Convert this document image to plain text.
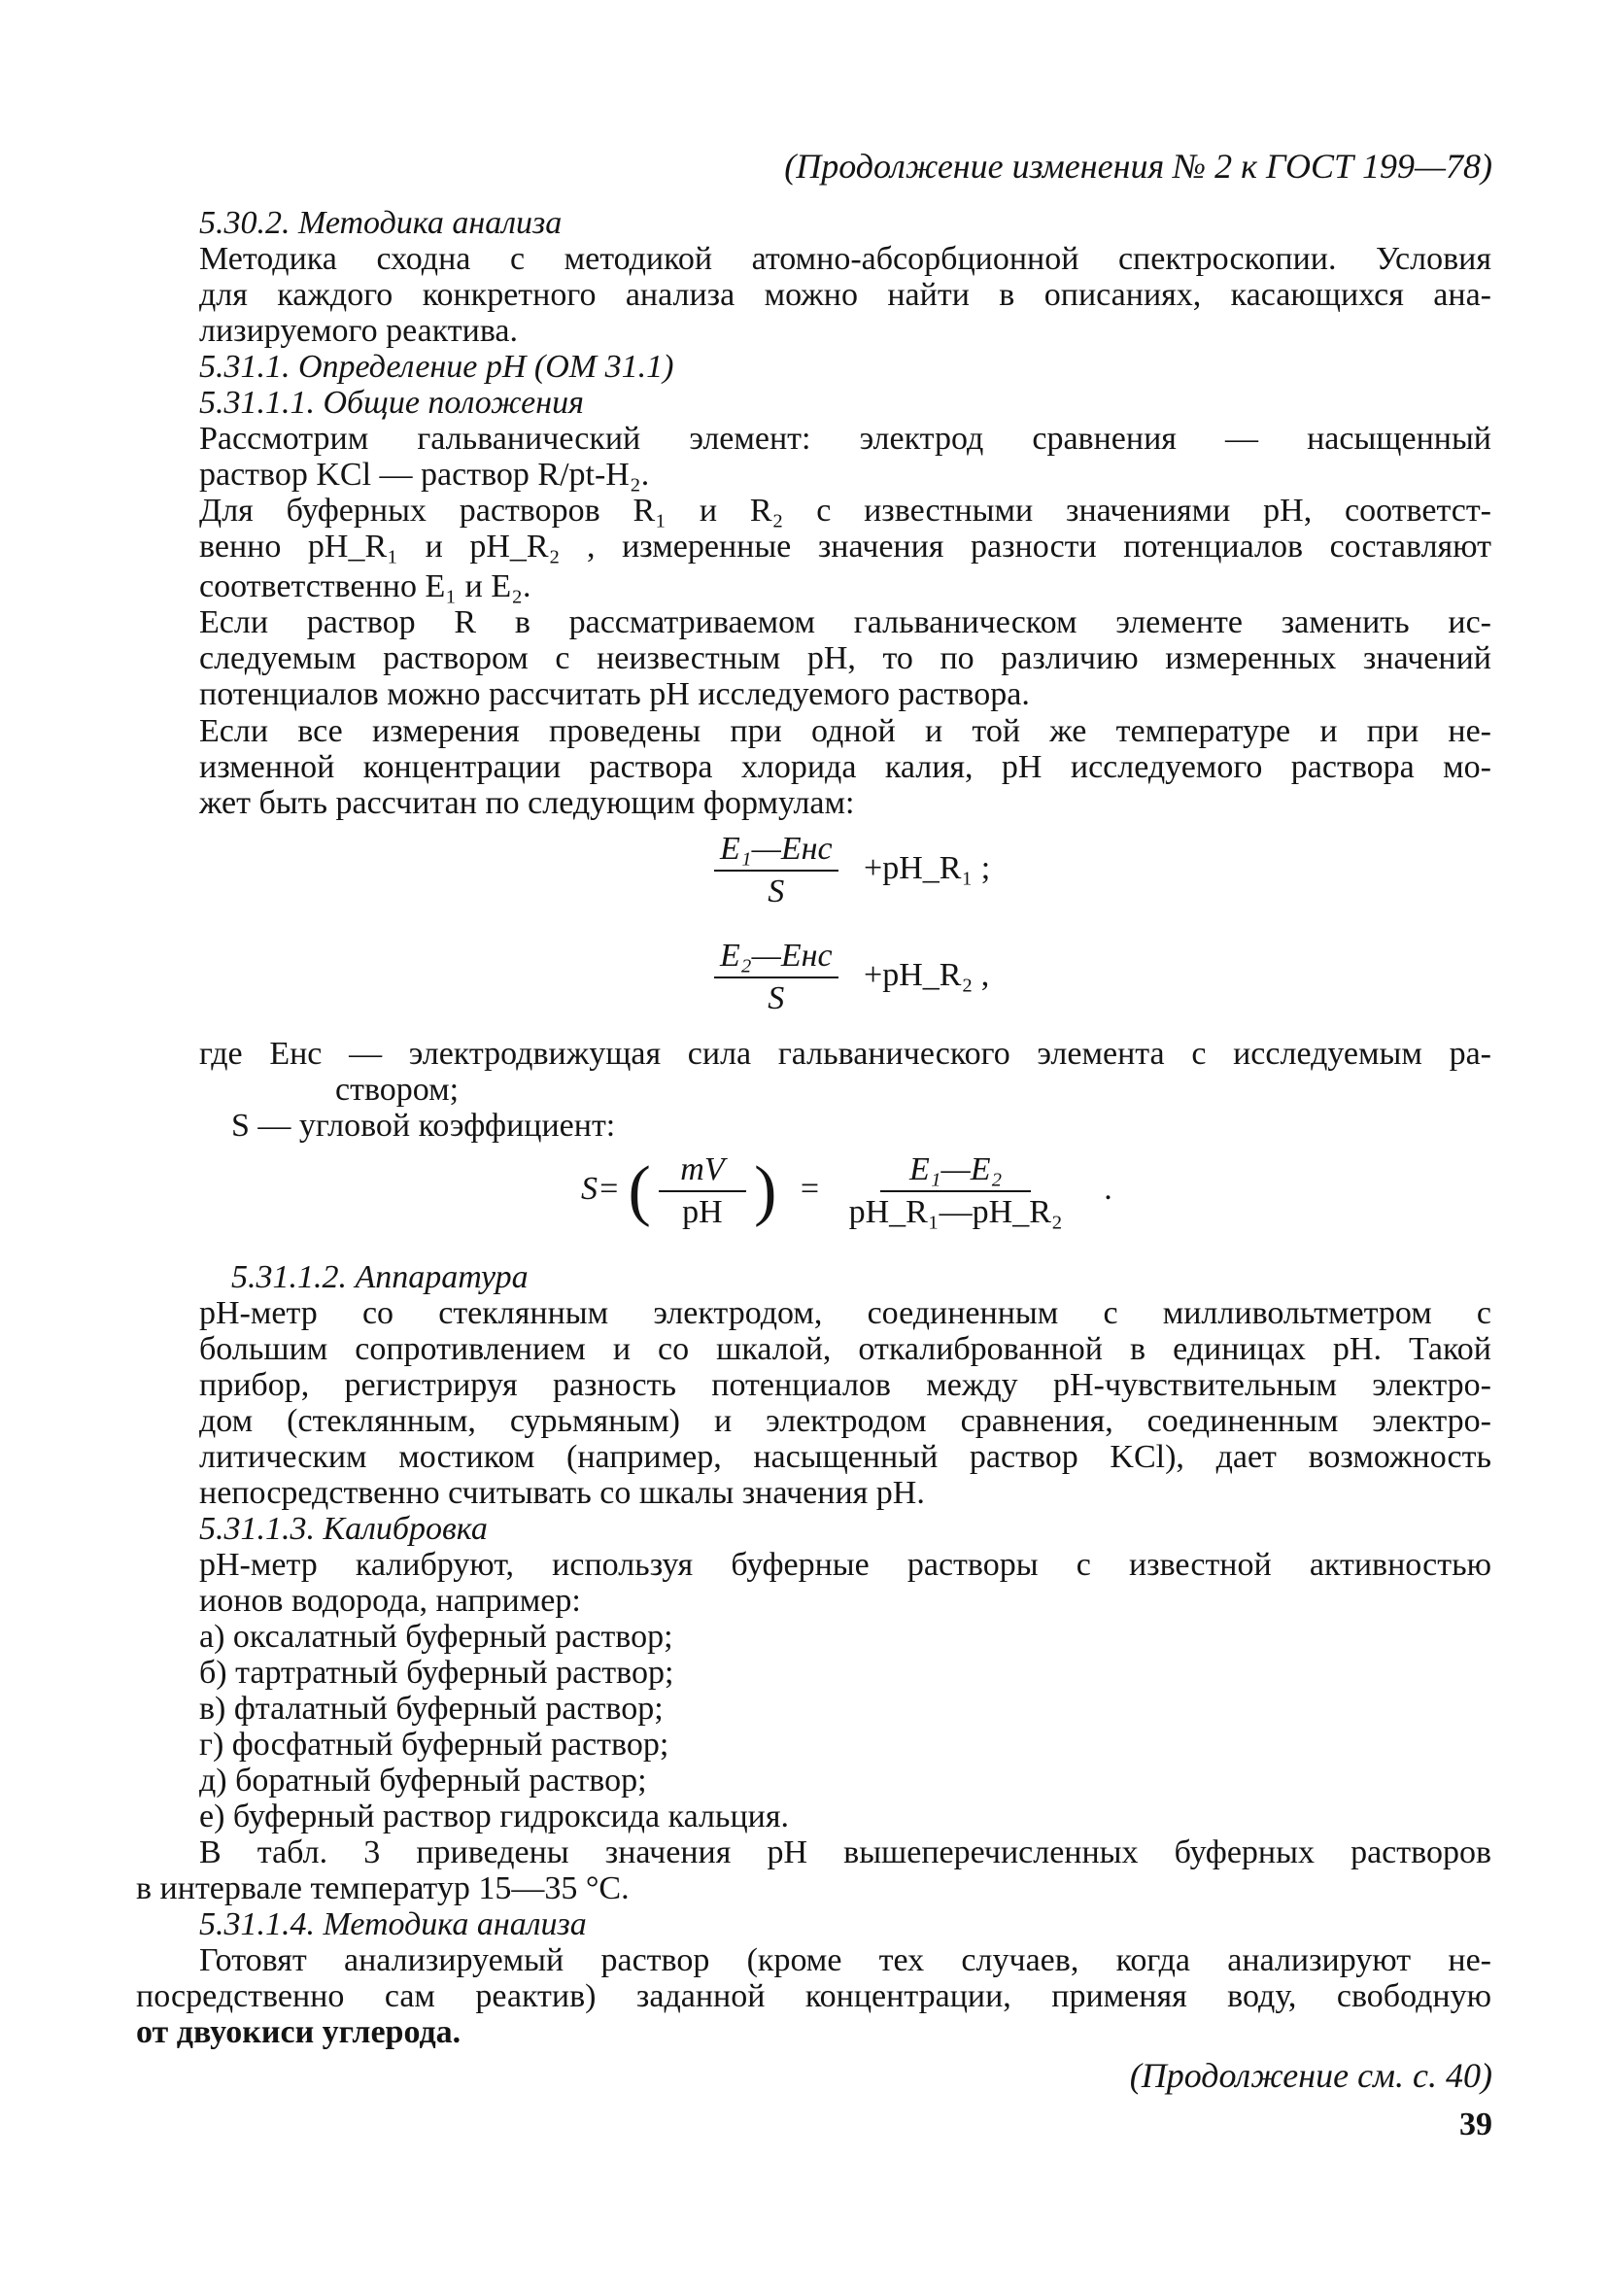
(Продолжение изменения № 2 к ГОСТ 199—78)
5.30.2. Методика анализа
Методика сходна с методикой атомно-абсорбционной спектроскопии. Условия
для каждого конкретного анализа можно найти в описаниях, касающихся ана-
лизируемого реактива.
5.31.1. Определение pH (ОМ 31.1)
5.31.1.1. Общие положения
Рассмотрим гальванический элемент: электрод сравнения — насыщенный
раствор KCl — раствор R/pt-H₂.
Для буферных растворов R₁ и R₂ с известными значениями pH, соответст-
венно pH_R₁ и pH_R₂ , измеренные значения разности потенциалов составляют
соответственно E₁ и E₂.
Если раствор R в рассматриваемом гальваническом элементе заменить ис-
следуемым раствором с неизвестным pH, то по различию измеренных значений
потенциалов можно рассчитать pH исследуемого раствора.
Если все измерения проведены при одной и той же температуре и при не-
изменной концентрации раствора хлорида калия, pH исследуемого раствора мо-
жет быть рассчитан по следующим формулам:
$\frac{\text{E₁—Eнс}}{S}$ +pH_R₁ ;
$\frac{\text{E₂—Eнс}}{S}$ +pH_R₂ ,
где Eнс — электродвижущая сила гальванического элемента с исследуемым ра-
створом;
S — угловой коэффициент:
S= ( $\frac{mV}{pH}$ ) = $\frac{\text{E₁—E₂}}{\text{pH\_R₁—pH\_R₂}}$ .
5.31.1.2. Аппаратура
pH-метр со стеклянным электродом, соединенным с милливольтметром с
большим сопротивлением и со шкалой, откалиброванной в единицах pH. Такой
прибор, регистрируя разность потенциалов между pH-чувствительным электро-
дом (стеклянным, сурьмяным) и электродом сравнения, соединенным электро-
литическим мостиком (например, насыщенный раствор KCl), дает возможность
непосредственно считывать со шкалы значения pH.
5.31.1.3. Калибровка
pH-метр калибруют, используя буферные растворы с известной активностью
ионов водорода, например:
а) оксалатный буферный раствор;
б) тартратный буферный раствор;
в) фталатный буферный раствор;
г) фосфатный буферный раствор;
д) боратный буферный раствор;
е) буферный раствор гидроксида кальция.
В табл. 3 приведены значения pH вышеперечисленных буферных растворов
в интервале температур 15—35 °С.
5.31.1.4. Методика анализа
Готовят анализируемый раствор (кроме тех случаев, когда анализируют не-
посредственно сам реактив) заданной концентрации, применяя воду, свободную
от двуокиси углерода.
(Продолжение см. с. 40)
39
